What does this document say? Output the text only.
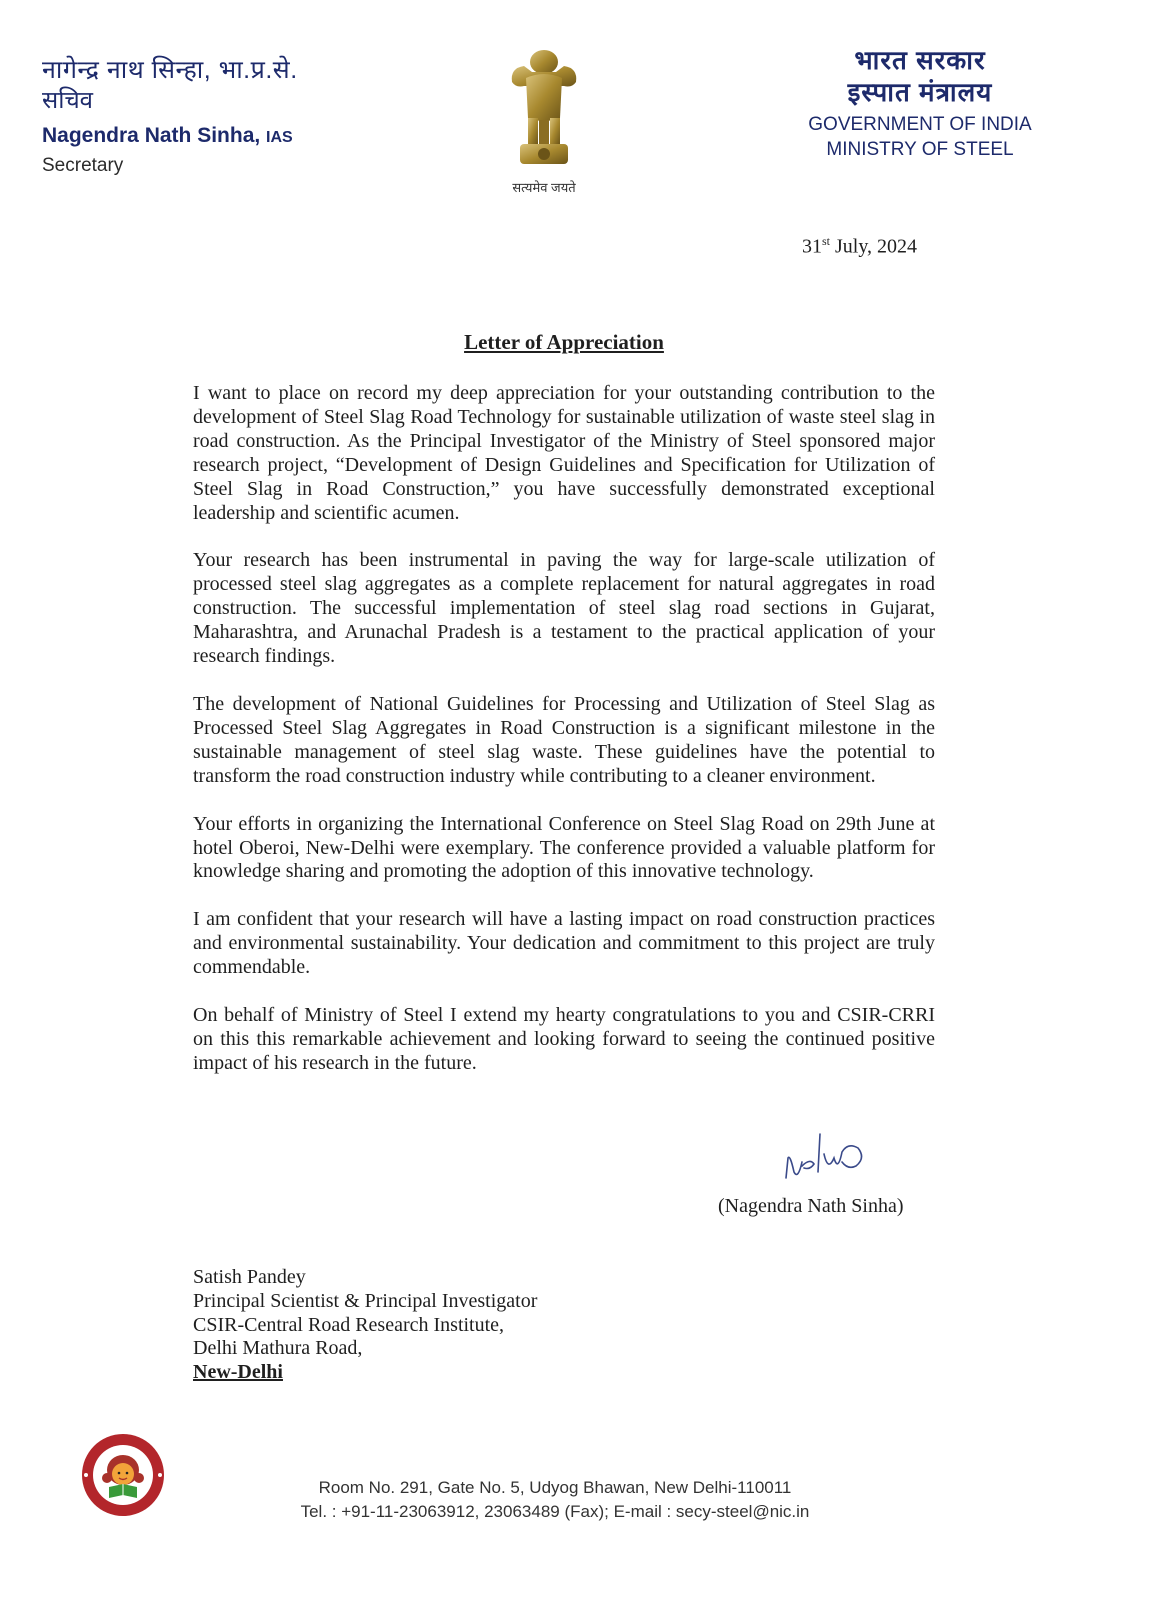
नागेन्द्र नाथ सिन्हा, भा.प्र.से.
सचिव
Nagendra Nath Sinha, IAS
Secretary
सत्यमेव जयते
भारत सरकार
इस्पात मंत्रालय
GOVERNMENT OF INDIA
MINISTRY OF STEEL
31st July, 2024
Letter of Appreciation

I want to place on record my deep appreciation for your outstanding contribution to the development of Steel Slag Road Technology for sustainable utilization of waste steel slag in road construction. As the Principal Investigator of the Ministry of Steel sponsored major research project, “Development of Design Guidelines and Specification for Utilization of Steel Slag in Road Construction,” you have successfully demonstrated exceptional leadership and scientific acumen.

Your research has been instrumental in paving the way for large-scale utilization of processed steel slag aggregates as a complete replacement for natural aggregates in road construction. The successful implementation of steel slag road sections in Gujarat, Maharashtra, and Arunachal Pradesh is a testament to the practical application of your research findings.

The development of National Guidelines for Processing and Utilization of Steel Slag as Processed Steel Slag Aggregates in Road Construction is a significant milestone in the sustainable management of steel slag waste. These guidelines have the potential to transform the road construction industry while contributing to a cleaner environment.

Your efforts in organizing the International Conference on Steel Slag Road on 29th June at hotel Oberoi, New-Delhi were exemplary. The conference provided a valuable platform for knowledge sharing and promoting the adoption of this innovative technology.

I am confident that your research will have a lasting impact on road construction practices and environmental sustainability. Your dedication and commitment to this project are truly commendable.

On behalf of Ministry of Steel I extend my hearty congratulations to you and CSIR-CRRI on this this remarkable achievement and looking forward to seeing the continued positive impact of his research in the future.

(Nagendra Nath Sinha)
Satish Pandey
Principal Scientist & Principal Investigator
CSIR-Central Road Research Institute,
Delhi Mathura Road,
New-Delhi
Room No. 291, Gate No. 5, Udyog Bhawan, New Delhi-110011
Tel. : +91-11-23063912, 23063489 (Fax); E-mail : secy-steel@nic.in
